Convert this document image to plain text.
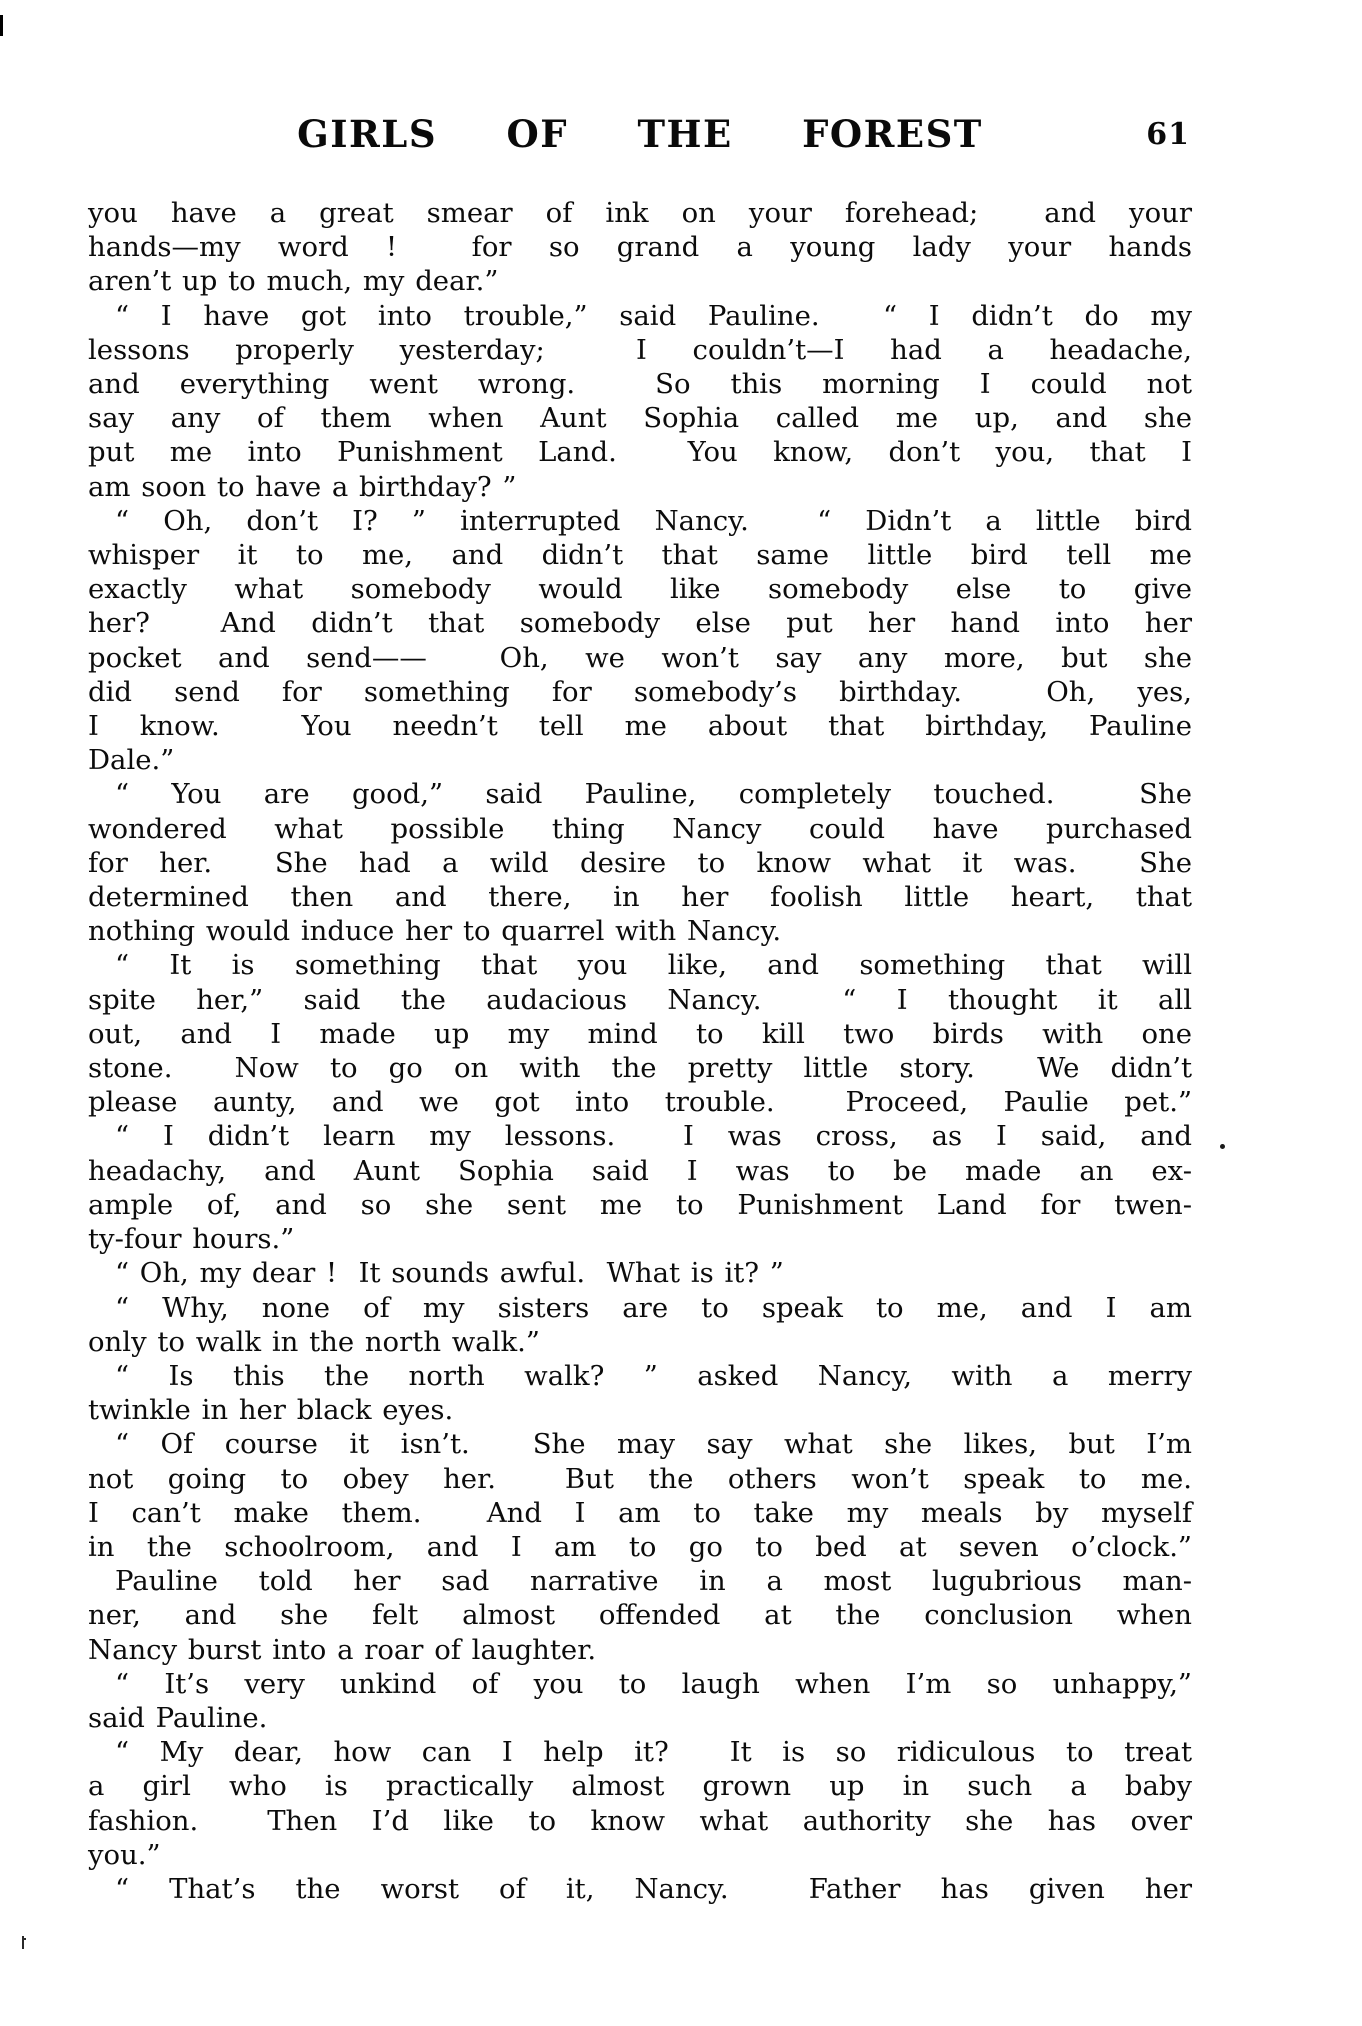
GIRLS  OF  THE  FOREST	61
you have a great smear of ink on your forehead;  and your
hands—my word !  for so grand a young lady your hands
aren’t up to much, my dear.”
“ I have got into trouble,” said Pauline.  “ I didn’t do my
lessons properly yesterday;  I couldn’t—I had a headache,
and everything went wrong.  So this morning I could not
say any of them when Aunt Sophia called me up, and she
put me into Punishment Land.  You know, don’t you, that I
am soon to have a birthday? ”
“ Oh, don’t I? ” interrupted Nancy.  “ Didn’t a little bird
whisper it to me, and didn’t that same little bird tell me
exactly what somebody would like somebody else to give
her?  And didn’t that somebody else put her hand into her
pocket and send——  Oh, we won’t say any more, but she
did send for something for somebody’s birthday.  Oh, yes,
I know.  You needn’t tell me about that birthday, Pauline
Dale.”
“ You are good,” said Pauline, completely touched.  She
wondered what possible thing Nancy could have purchased
for her.  She had a wild desire to know what it was.  She
determined then and there, in her foolish little heart, that
nothing would induce her to quarrel with Nancy.
“ It is something that you like, and something that will
spite her,” said the audacious Nancy.  “ I thought it all
out, and I made up my mind to kill two birds with one
stone.  Now to go on with the pretty little story.  We didn’t
please aunty, and we got into trouble.  Proceed, Paulie pet.”
“ I didn’t learn my lessons.  I was cross, as I said, and
headachy, and Aunt Sophia said I was to be made an ex-
ample of, and so she sent me to Punishment Land for twen-
ty-four hours.”
“ Oh, my dear !  It sounds awful.  What is it? ”
“ Why, none of my sisters are to speak to me, and I am
only to walk in the north walk.”
“ Is this the north walk? ” asked Nancy, with a merry
twinkle in her black eyes.
“ Of course it isn’t.  She may say what she likes, but I’m
not going to obey her.  But the others won’t speak to me.
I can’t make them.  And I am to take my meals by myself
in the schoolroom, and I am to go to bed at seven o’clock.”
Pauline told her sad narrative in a most lugubrious man-
ner, and she felt almost offended at the conclusion when
Nancy burst into a roar of laughter.
“ It’s very unkind of you to laugh when I’m so unhappy,”
said Pauline.
“ My dear, how can I help it?  It is so ridiculous to treat
a girl who is practically almost grown up in such a baby
fashion.  Then I’d like to know what authority she has over
you.”
“ That’s the worst of it, Nancy.  Father has given her
